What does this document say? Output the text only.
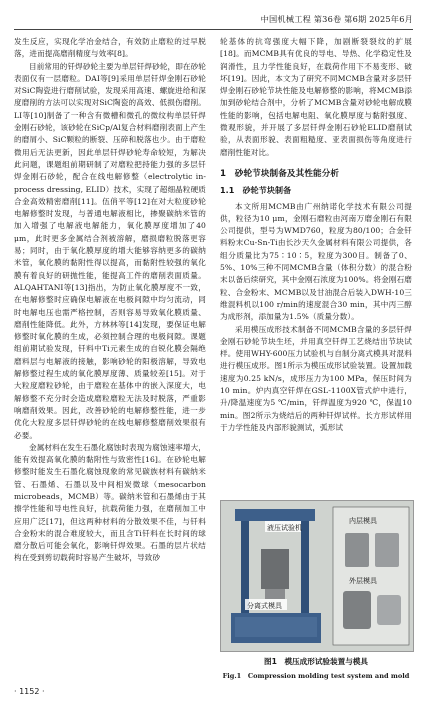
中国机械工程 第36卷 第6期 2025年6月

发生反应，实现化学冶金结合，有效防止磨粒的过早脱落，进而提高磨削精度与效率[8]。

目前常用的钎焊砂轮主要为单层钎焊砂轮，即在砂轮表面仅有一层磨粒。DAI等[9]采用单层钎焊金刚石砂轮对SiC陶瓷进行磨削试验，发现采用高速、螺旋进给和深度磨削的方法可以实现对SiC陶瓷的高效、低损伤磨削。LI等[10]制备了一种含有微槽和微孔的微纹构单层钎焊金刚石砂轮，该砂轮在SiCp/Al复合材料磨削表面上产生的磨屑小、SiC颗粒的断裂、压碎和脱落也少。由于磨粒微用后无法更新，因此单层钎焊砂轮寿命较短，为解决此问题，课题组前期研制了对磨粒把持能力强的多层钎焊金刚石砂轮，配合在线电解修整（electrolytic in-process dressing, ELID）技术，实现了超细晶粒硬质合金高效精密磨削[11]。伍俏平等[12]在对大粒度砂轮电解修整时发现，与普通电解液相比，掺聚碳纳米管的加入增强了电解液电解能力，氧化膜厚度增加了40 μm，此时更多金属结合剂被溶解，磨损磨粒脱落更容易；同时，由于氧化膜厚度的增大能够容纳更多的碳纳米管，氧化膜的黏附性得以提高，而黏附性较强的氧化膜有着良好的研抛性能，能提高工件的磨削表面质量。ALQAHTANI等[13]指出，为防止氧化膜厚度不一致，在电解修整时应确保电解液在电极间隙中均匀流动，同时电解电压也需严格控制，否则容易导致氧化膜质量、磨削性能降低。此外，方林林等[14]发现，要保证电解修整时氧化膜的生成，必须控制合理的电极间隙。课题组前期试验发现，钎料中Ti元素生成的自锐化膜会隔绝磨料层与电解液的接触，影响砂轮的阳极溶解，导致电解修整过程生成的氧化膜厚度薄、质量较差[15]。对于大粒度磨粒砂轮，由于磨粒在基体中的嵌入深度大，电解修整不充分时会造成磨粒磨粒无法及时脱落，严重影响磨削效果。因此，改善砂轮的电解修整性能，进一步优化大粒度多层钎焊砂轮的在线电解修整磨削效果很有必要。

金属材料在发生石墨化腐蚀时表现为腐蚀速率增大，能有效提高氧化膜的黏附性与致密性[16]。在砂轮电解修整时能发生石墨化腐蚀现象的常见碳族材料有碳纳米管、石墨烯、石墨以及中间相炭微球（mesocarbon microbeads，MCMB）等。碳纳米管和石墨烯由于其擦学性能和导电性良好，抗载荷能力强，在磨削加工中应用广泛[17]，但这两种材料的分散效果不佳，与钎料合金粉末的混合难度较大，而且含Ti钎料在长时间的球磨分散后可能会氧化，影响钎焊效果。石墨的层片状结构在受到剪切载荷时容易产生破坏，导致砂

轮基体的抗弯强度大幅下降，加剧断裂裂纹的扩展[18]。而MCMB具有优良的导电、导热、化学稳定性及润滑性，且力学性能良好，在载荷作用下不易变形、破坏[19]。因此，本文为了研究不同MCMB含量对多层钎焊金刚石砂轮节块性能及电解修整的影响，将MCMB添加到砂轮结合剂中，分析了MCMB含量对砂轮电解成膜性能的影响，包括电解电阻、氧化膜厚度与黏附强度、微观形貌，并开展了多层钎焊金刚石砂轮ELID磨削试验，从表面形貌、表面粗糙度、亚表面损伤等角度进行磨削性能对比。

1　砂轮节块制备及其性能分析
1.1　砂轮节块制备

本文所用MCMB由广州纳诺化学技术有限公司提供，粒径为10 μm，金刚石磨粒由河南万磨金刚石有限公司提供，型号为WMD760，粒度为80/100；合金钎料粉末Cu-Sn-Ti由长沙天久金属材料有限公司提供，各组分质量比为75∶10∶5，粒度为300目。制备了0、5%、10%三种不同MCMB含量（体积分数）的混合粉末以备后续研究，其中金刚石浓度为100%。将金刚石磨粒、合金粉末、MCMB以及甘油混合后装入DWH-10三维混料机以100 r/min的速度混合30 min，其中丙三醇为成形剂，添加量为1.5%（质量分数）。

采用模压成形技术制备不同MCMB含量的多层钎焊金刚石砂轮节块生坯，并用真空钎焊工艺烧结出节块试样。使用WHY-600压力试验机与自制分离式模具对混料进行模压成形。图1所示为模压成形试验装置。设置加载速度为0.25 kN/s，成形压力为100 MPa，保压时间为10 min。炉内真空钎焊在GSL-1100X管式炉中进行，升/降温速度为5 ℃/min，钎焊温度为920 ℃，保温10 min。图2所示为烧结后的两种钎焊试样。长方形试样用于力学性能及内部形貌测试，弧形试

液压试验机
分离式模具
内层模具
外层模具
图1　模压成形试验装置与模具
Fig.1　Compression molding test system and mold
· 1152 ·
